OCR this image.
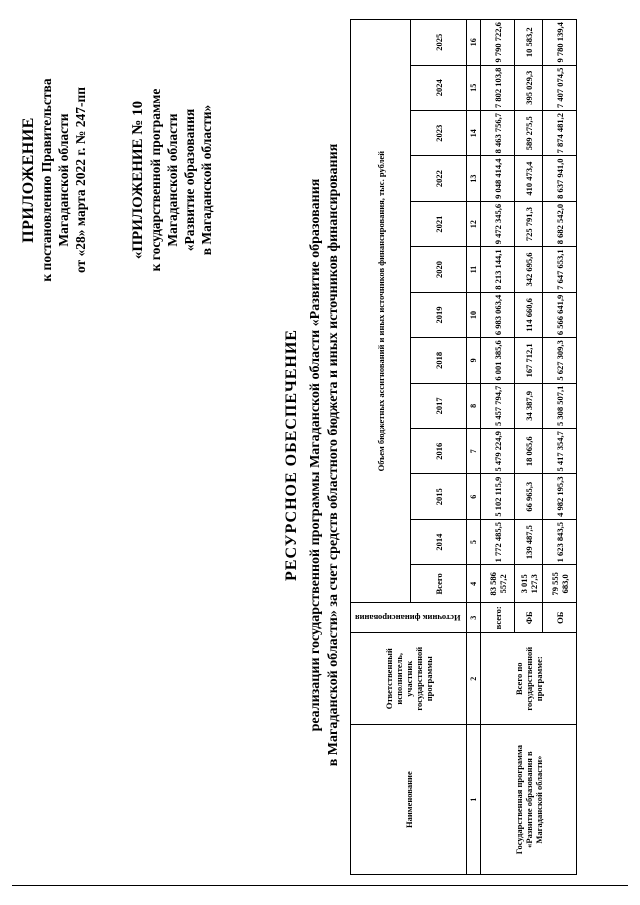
ПРИЛОЖЕНИЕ к постановлению Правительства Магаданской области от «28» марта 2022 г. № 247-пп	«ПРИЛОЖЕНИЕ № 10 к государственной программе Магаданской области «Развитие образования в Магаданской области»
РЕСУРСНОЕ ОБЕСПЕЧЕНИЕ реализации государственной программы Магаданской области «Развитие образования в Магаданской области» за счет средств областного бюджета и иных источников финансирования
Наименование	Ответственный исполнитель, участник государственной программы	Источник финансирования	Объем бюджетных ассигнований и иных источников финансирования, тыс. рублей												
			Всего	2014	2015	2016	2017	2018	2019	2020	2021	2022	2023	2024	2025
1	2	3	4	5	6	7	8	9	10	11	12	13	14	15	16
Государственная программа «Развитие образования в Магаданской области»	Всего по государственной программе:	всего:	83 586 557,2	1 772 485,5	5 102 115,9	5 479 224,9	5 457 794,7	6 001 385,6	6 983 063,4	8 213 144,1	9 472 345,6	9 048 414,4	8 463 756,7	7 802 103,8	9 790 722,6
		ФБ	3 015 127,3	139 487,5	66 965,3	18 065,6	34 387,9	167 712,1	114 660,6	342 695,6	725 791,3	410 473,4	589 275,5	395 029,3	10 583,2
		ОБ	79 555 683,0	1 623 843,5	4 982 195,3	5 417 354,7	5 308 507,1	5 627 309,3	6 566 641,9	7 647 653,1	8 682 542,0	8 637 941,0	7 874 481,2	7 407 074,5	9 780 139,4
